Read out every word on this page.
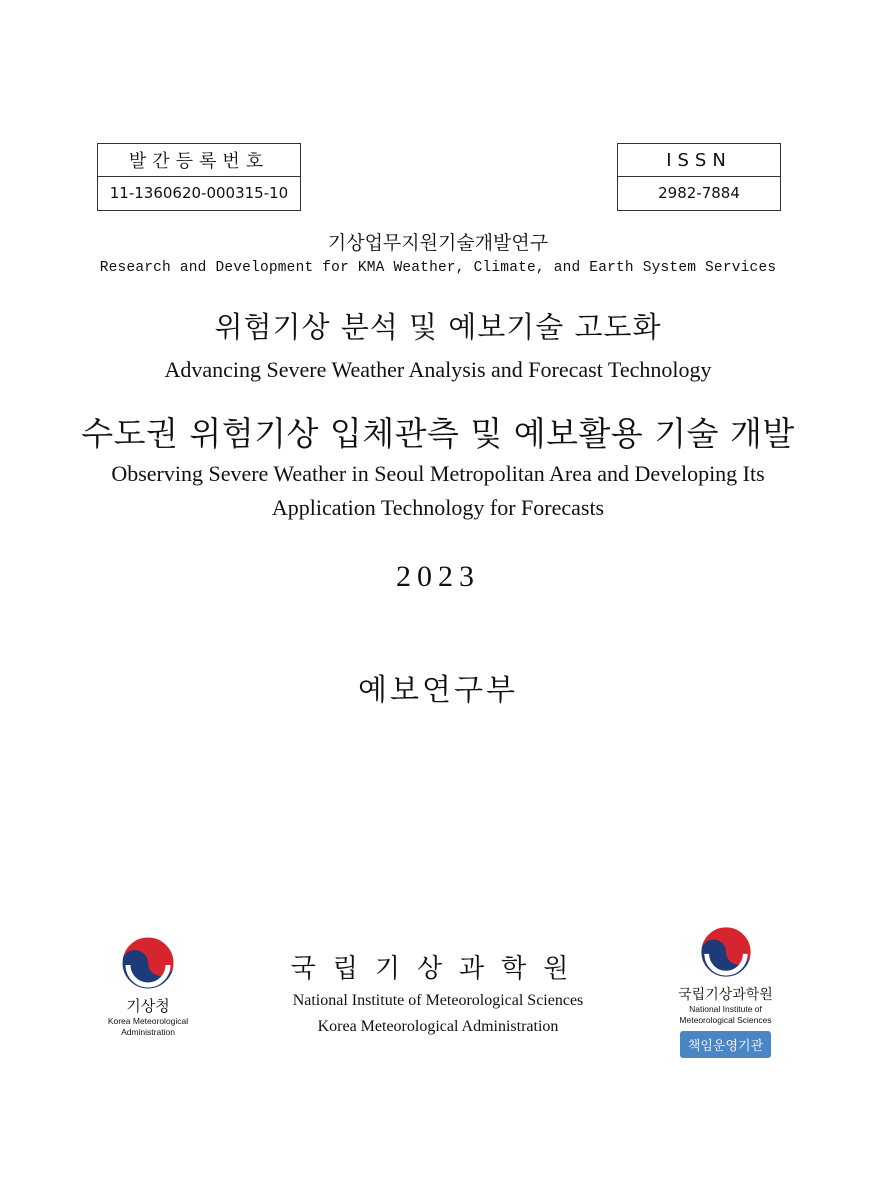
발간등록번호
11-1360620-000315-10
ISSN
2982-7884
기상업무지원기술개발연구
Research and Development for KMA Weather, Climate, and Earth System Services
위험기상 분석 및 예보기술 고도화
Advancing Severe Weather Analysis and Forecast Technology
수도권 위험기상 입체관측 및 예보활용 기술 개발
Observing Severe Weather in Seoul Metropolitan Area and Developing Its
Application Technology for Forecasts
2023
예보연구부
국립기상과학원
National Institute of Meteorological Sciences
Korea Meteorological Administration
기상청
Korea Meteorological
Administration
국립기상과학원
National Institute of
Meteorological Sciences
책임운영기관
